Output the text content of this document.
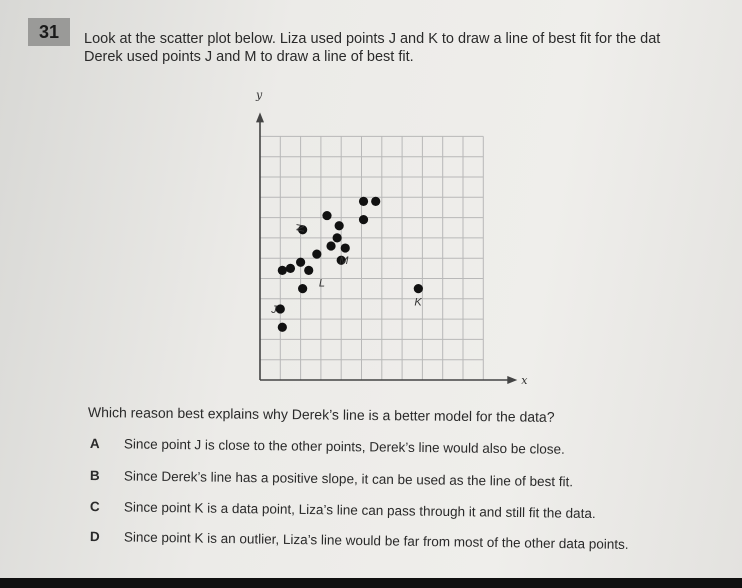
31	Look at the scatter plot below. Liza used points J and K to draw a line of best fit for the dat
Derek used points J and M to draw a line of best fit.
y
x
J
N
M
K
L
Which reason best explains why Derek’s line is a better model for the data?
A Since point J is close to the other points, Derek’s line would also be close.
B Since Derek’s line has a positive slope, it can be used as the line of best fit.
C Since point K is a data point, Liza’s line can pass through it and still fit the data.
D Since point K is an outlier, Liza’s line would be far from most of the other data points.
